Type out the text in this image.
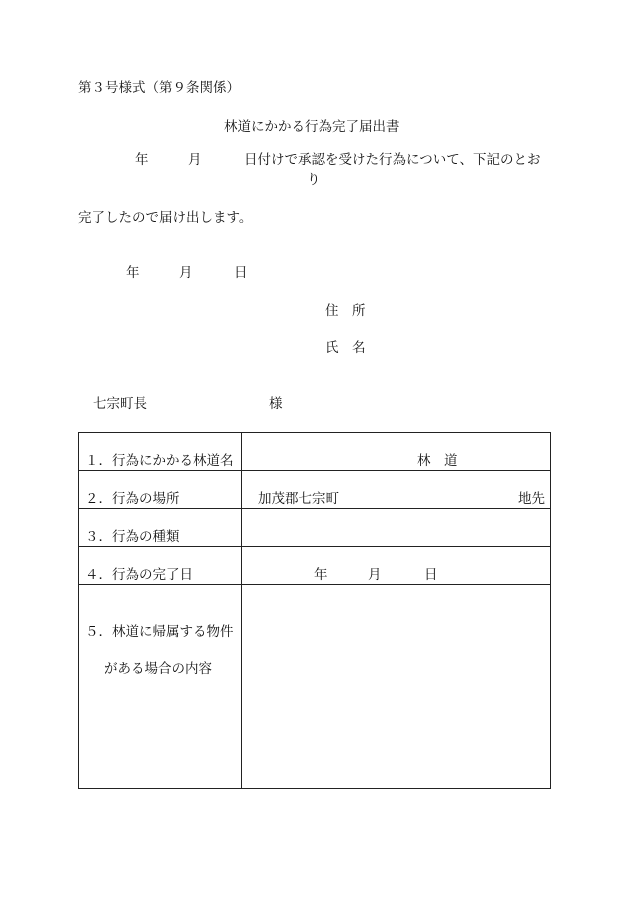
第３号様式（第９条関係）
林道にかかる行為完了届出書
年	月	日付けで承認を受けた行為について、下記のとお
り
完了したので届け出します。
年	月	日
住　所
氏　名
七宗町長	様
１．行為にかかる林道名	林　道
２．行為の場所	加茂郡七宗町	地先
３．行為の種類
４．行為の完了日	年	月	日
５．林道に帰属する物件
がある場合の内容
